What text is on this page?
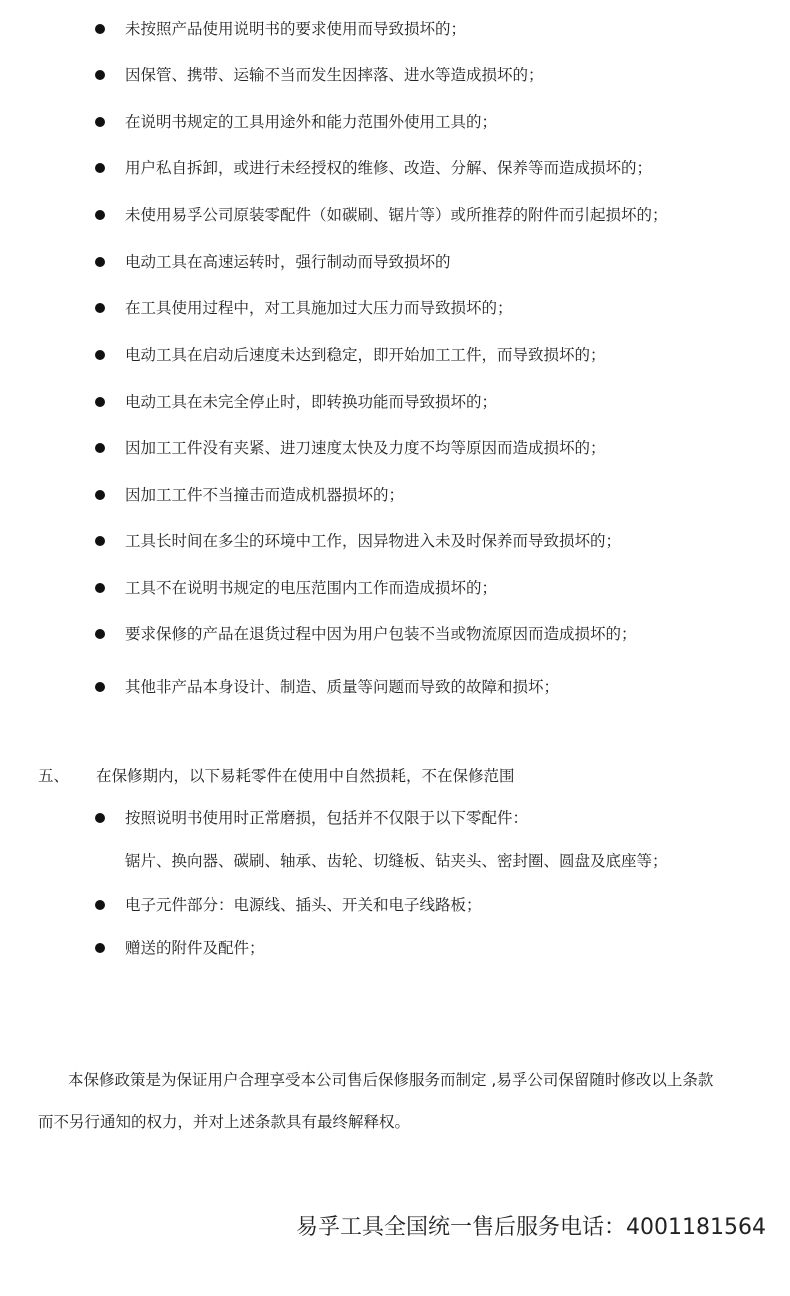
未按照产品使用说明书的要求使用而导致损坏的；
因保管、携带、运输不当而发生因摔落、进水等造成损坏的；
在说明书规定的工具用途外和能力范围外使用工具的；
用户私自拆卸，或进行未经授权的维修、改造、分解、保养等而造成损坏的；
未使用易孚公司原装零配件（如碳刷、锯片等）或所推荐的附件而引起损坏的；
电动工具在高速运转时，强行制动而导致损坏的
在工具使用过程中，对工具施加过大压力而导致损坏的；
电动工具在启动后速度未达到稳定，即开始加工工件，而导致损坏的；
电动工具在未完全停止时，即转换功能而导致损坏的；
因加工工件没有夹紧、进刀速度太快及力度不均等原因而造成损坏的；
因加工工件不当撞击而造成机器损坏的；
工具长时间在多尘的环境中工作，因异物进入未及时保养而导致损坏的；
工具不在说明书规定的电压范围内工作而造成损坏的；
要求保修的产品在退货过程中因为用户包装不当或物流原因而造成损坏的；
其他非产品本身设计、制造、质量等问题而导致的故障和损坏；
五、	在保修期内，以下易耗零件在使用中自然损耗，不在保修范围
按照说明书使用时正常磨损，包括并不仅限于以下零配件：
锯片、换向器、碳刷、轴承、齿轮、切缝板、钻夹头、密封圈、圆盘及底座等；
电子元件部分：电源线、插头、开关和电子线路板；
赠送的附件及配件；
本保修政策是为保证用户合理享受本公司售后保修服务而制定 ,易孚公司保留随时修改以上条款
而不另行通知的权力，并对上述条款具有最终解释权。
易孚工具全国统一售后服务电话：4001181564
